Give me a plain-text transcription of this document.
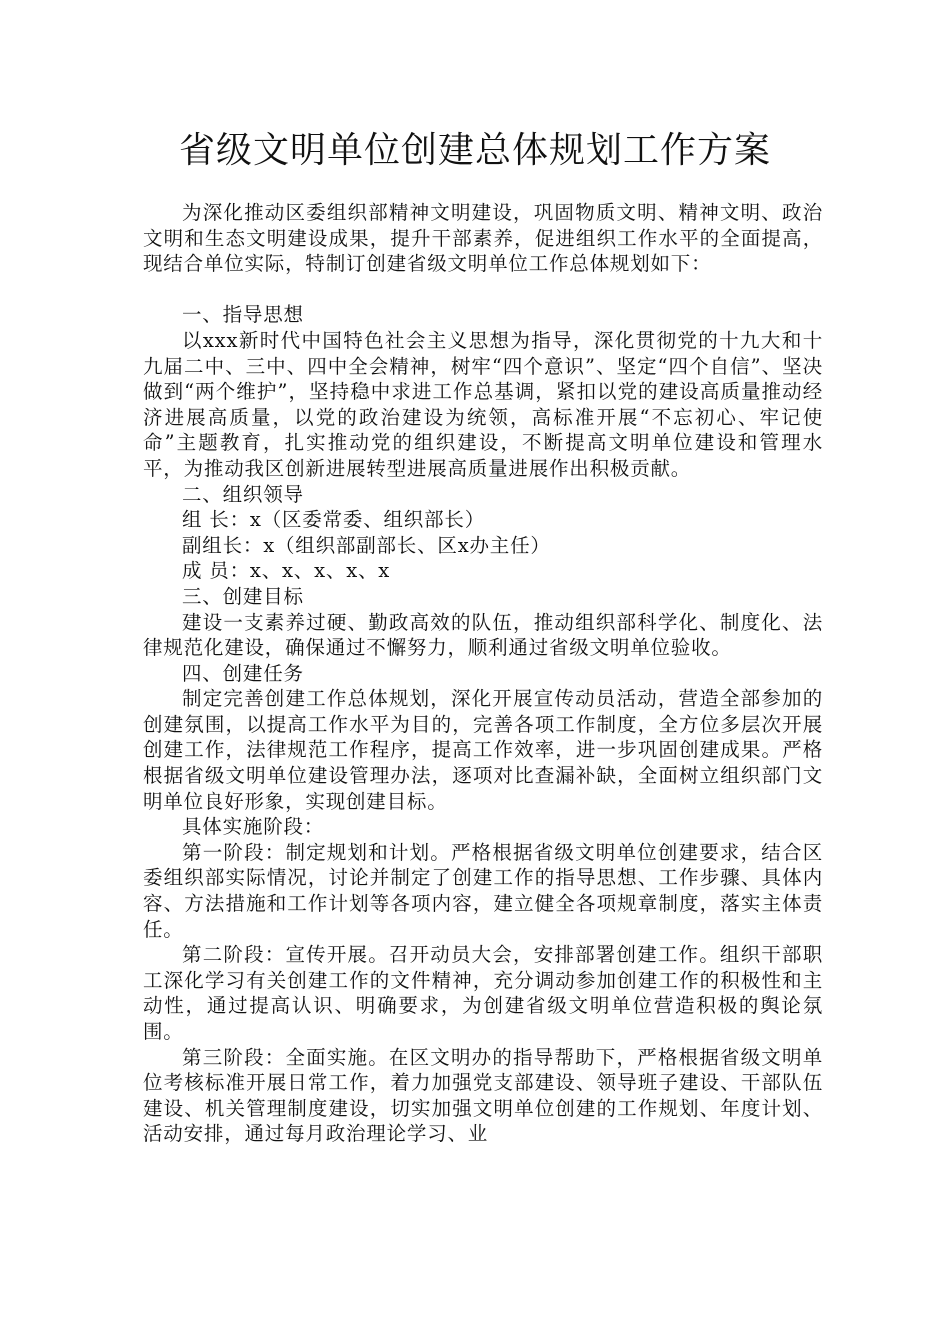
省级文明单位创建总体规划工作方案

为深化推动区委组织部精神文明建设，巩固物质文明、精神文明、政治文明和生态文明建设成果，提升干部素养，促进组织工作水平的全面提高，现结合单位实际，特制订创建省级文明单位工作总体规划如下：

一、指导思想

以xxx新时代中国特色社会主义思想为指导，深化贯彻党的十九大和十九届二中、三中、四中全会精神，树牢“四个意识”、坚定“四个自信”、坚决做到“两个维护”，坚持稳中求进工作总基调，紧扣以党的建设高质量推动经济进展高质量，以党的政治建设为统领，高标准开展“不忘初心、牢记使命”主题教育，扎实推动党的组织建设，不断提高文明单位建设和管理水平，为推动我区创新进展转型进展高质量进展作出积极贡献。

二、组织领导

组 长：x（区委常委、组织部长）

副组长：x（组织部副部长、区x办主任）

成 员：x、x、x、x、x

三、创建目标

建设一支素养过硬、勤政高效的队伍，推动组织部科学化、制度化、法律规范化建设，确保通过不懈努力，顺利通过省级文明单位验收。

四、创建任务

制定完善创建工作总体规划，深化开展宣传动员活动，营造全部参加的创建氛围，以提高工作水平为目的，完善各项工作制度，全方位多层次开展创建工作，法律规范工作程序，提高工作效率，进一步巩固创建成果。严格根据省级文明单位建设管理办法，逐项对比查漏补缺，全面树立组织部门文明单位良好形象，实现创建目标。

具体实施阶段：

第一阶段：制定规划和计划。严格根据省级文明单位创建要求，结合区委组织部实际情况，讨论并制定了创建工作的指导思想、工作步骤、具体内容、方法措施和工作计划等各项内容，建立健全各项规章制度，落实主体责任。

第二阶段：宣传开展。召开动员大会，安排部署创建工作。组织干部职工深化学习有关创建工作的文件精神，充分调动参加创建工作的积极性和主动性，通过提高认识、明确要求，为创建省级文明单位营造积极的舆论氛围。

第三阶段：全面实施。在区文明办的指导帮助下，严格根据省级文明单位考核标准开展日常工作，着力加强党支部建设、领导班子建设、干部队伍建设、机关管理制度建设，切实加强文明单位创建的工作规划、年度计划、活动安排，通过每月政治理论学习、业
